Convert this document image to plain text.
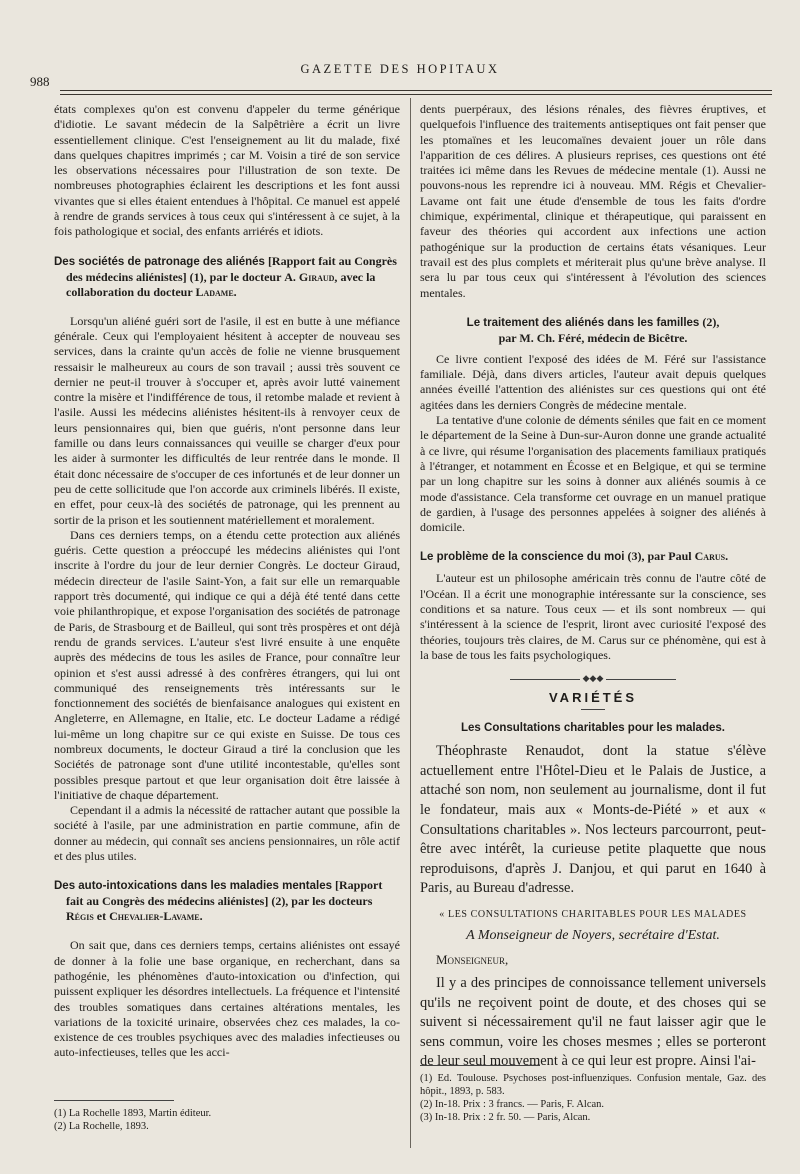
988
GAZETTE DES HOPITAUX

états complexes qu'on est convenu d'appeler du terme générique d'idiotie. Le savant médecin de la Salpêtrière a écrit un livre essentiellement clinique. C'est l'enseignement au lit du malade, fixé dans quelques chapitres imprimés ; car M. Voisin a tiré de son service les observations nécessaires pour l'illustration de son texte. De nombreuses photographies éclairent les descriptions et les font aussi vivantes que si elles étaient entendues à l'hôpital. Ce manuel est appelé à rendre de grands services à tous ceux qui s'intéressent à ce sujet, à la fois pathologique et social, des enfants arriérés et idiots.

Des sociétés de patronage des aliénés [Rapport fait au Congrès des médecins aliénistes] (1), par le docteur A. Giraud, avec la collaboration du docteur Ladame.

Lorsqu'un aliéné guéri sort de l'asile, il est en butte à une méfiance générale. Ceux qui l'employaient hésitent à accepter de nouveau ses services, dans la crainte qu'un accès de folie ne vienne brusquement ressaisir le malheureux au cours de son travail ; aussi très souvent ce dernier ne peut-il trouver à s'occuper et, après avoir lutté vainement contre la misère et l'indifférence de tous, il retombe malade et revient à l'asile. Aussi les médecins aliénistes hésitent-ils à renvoyer ceux de leurs pensionnaires qui, bien que guéris, n'ont personne dans leur famille ou dans leurs connaissances qui veuille se charger d'eux pour les aider à surmonter les difficultés de leur rentrée dans le monde. Il était donc nécessaire de s'occuper de ces infortunés et de leur donner un peu de cette sollicitude que l'on accorde aux criminels libérés. Il existe, en effet, pour ceux-là des sociétés de patronage, qui les prennent au sortir de la prison et les soutiennent matériellement et moralement.

Dans ces derniers temps, on a étendu cette protection aux aliénés guéris. Cette question a préoccupé les médecins aliénistes qui l'ont inscrite à l'ordre du jour de leur dernier Congrès. Le docteur Giraud, médecin directeur de l'asile Saint-Yon, a fait sur elle un remarquable rapport très documenté, qui indique ce qui a déjà été tenté dans cette voie philanthropique, et expose l'organisation des sociétés de patronage de Paris, de Strasbourg et de Bailleul, qui sont très prospères et ont déjà rendu de grands services. L'auteur s'est livré ensuite à une enquête auprès des médecins de tous les asiles de France, pour connaître leur opinion et s'est aussi adressé à des confrères étrangers, qui lui ont communiqué des renseignements très intéressants sur le fonctionnement des sociétés de bienfaisance analogues qui existent en Angleterre, en Allemagne, en Italie, etc. Le docteur Ladame a rédigé lui-même un long chapitre sur ce qui existe en Suisse. De tous ces nombreux documents, le docteur Giraud a tiré la conclusion que les Sociétés de patronage sont d'une utilité incontestable, qu'elles sont possibles presque partout et que leur organisation doit être laissée à l'initiative de chaque département.

Cependant il a admis la nécessité de rattacher autant que possible la société à l'asile, par une administration en partie commune, afin de donner au médecin, qui connaît ses anciens pensionnaires, un rôle actif et des plus utiles.

Des auto-intoxications dans les maladies mentales [Rapport fait au Congrès des médecins aliénistes] (2), par les docteurs Régis et Chevalier-Lavame.

On sait que, dans ces derniers temps, certains aliénistes ont essayé de donner à la folie une base organique, en recherchant, dans sa pathogénie, les phénomènes d'auto-intoxication ou d'infection, qui puissent expliquer les désordres intellectuels. La fréquence et l'intensité des troubles somatiques dans certaines altérations mentales, les variations de la toxicité urinaire, observées chez ces malades, la co-existence de ces troubles psychiques avec des maladies infectieuses ou auto-infectieuses, telles que les acci-

(1) La Rochelle 1893, Martin éditeur.

(2) La Rochelle, 1893.

dents puerpéraux, des lésions rénales, des fièvres éruptives, et quelquefois l'influence des traitements antiseptiques ont fait penser que les ptomaïnes et les leucomaïnes devaient jouer un rôle dans l'apparition de ces délires. A plusieurs reprises, ces questions ont été traitées ici même dans les Revues de médecine mentale (1). Aussi ne pouvons-nous les reprendre ici à nouveau. MM. Régis et Chevalier-Lavame ont fait une étude d'ensemble de tous les faits d'ordre chimique, expérimental, clinique et thérapeutique, qui paraissent en faveur des théories qui accordent aux infections une action pathogénique sur la production de certains états vésaniques. Leur travail est des plus complets et mériterait plus qu'une brève analyse. Il sera lu par tous ceux qui s'intéressent à l'évolution des sciences mentales.

Le traitement des aliénés dans les familles (2),
par M. Ch. Féré, médecin de Bicêtre.

Ce livre contient l'exposé des idées de M. Féré sur l'assistance familiale. Déjà, dans divers articles, l'auteur avait depuis quelques années éveillé l'attention des aliénistes sur ces questions qui ont été agitées dans les derniers Congrès de médecine mentale.

La tentative d'une colonie de déments séniles que fait en ce moment le département de la Seine à Dun-sur-Auron donne une grande actualité à ce livre, qui résume l'organisation des placements familiaux pratiqués à l'étranger, et notamment en Écosse et en Belgique, et qui se termine par un long chapitre sur les soins à donner aux aliénés soumis à ce mode d'assistance. Cela transforme cet ouvrage en un manuel pratique de gardien, à l'usage des personnes appelées à soigner des aliénés à domicile.

Le problème de la conscience du moi (3), par Paul Carus.

L'auteur est un philosophe américain très connu de l'autre côté de l'Océan. Il a écrit une monographie intéressante sur la conscience, ses conditions et sa nature. Tous ceux — et ils sont nombreux — qui s'intéressent à la science de l'esprit, liront avec curiosité l'exposé des théories, toujours très claires, de M. Carus sur ce phénomène, qui est à la base de tous les faits psychologiques.

◆◆◆
VARIÉTÉS
Les Consultations charitables pour les malades.

Théophraste Renaudot, dont la statue s'élève actuellement entre l'Hôtel-Dieu et le Palais de Justice, a attaché son nom, non seulement au journalisme, dont il fut le fondateur, mais aux « Monts-de-Piété » et aux « Consultations charitables ». Nos lecteurs parcourront, peut-être avec intérêt, la curieuse petite plaquette que nous reproduisons, d'après J. Danjou, et qui parut en 1640 à Paris, au Bureau d'adresse.

« LES CONSULTATIONS CHARITABLES POUR LES MALADES

A Monseigneur de Noyers, secrétaire d'Estat.

Monseigneur,

Il y a des principes de connoissance tellement universels qu'ils ne reçoivent point de doute, et des choses qui se suivent si nécessairement qu'il ne faut laisser agir que le sens commun, voire les choses mesmes ; elles se porteront de leur seul mouvement à ce qui leur est propre. Ainsi l'ai-

(1) Ed. Toulouse. Psychoses post-influenziques. Confusion mentale, Gaz. des hôpit., 1893, p. 583.

(2) In-18. Prix : 3 francs. — Paris, F. Alcan.

(3) In-18. Prix : 2 fr. 50. — Paris, Alcan.
